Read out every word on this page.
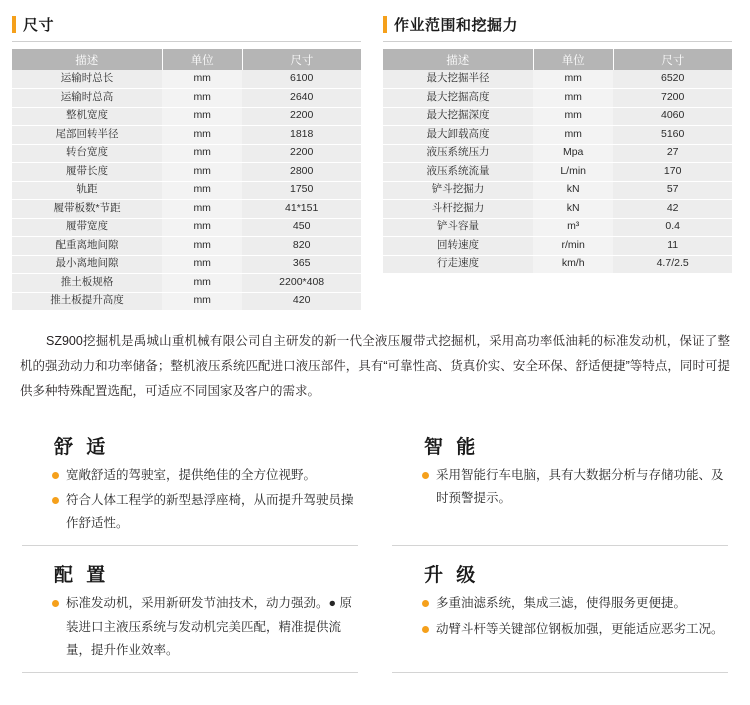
尺寸
描述	单位	尺寸
运输时总长	mm	6100
运输时总高	mm	2640
整机宽度	mm	2200
尾部回转半径	mm	1818
转台宽度	mm	2200
履带长度	mm	2800
轨距	mm	1750
履带板数*节距	mm	41*151
履带宽度	mm	450
配重离地间隙	mm	820
最小离地间隙	mm	365
推土板规格	mm	2200*408
推土板提升高度	mm	420
作业范围和挖掘力
描述	单位	尺寸
最大挖掘半径	mm	6520
最大挖掘高度	mm	7200
最大挖掘深度	mm	4060
最大卸载高度	mm	5160
液压系统压力	Mpa	27
液压系统流量	L/min	170
铲斗挖掘力	kN	57
斗杆挖掘力	kN	42
铲斗容量	m³	0.4
回转速度	r/min	11
行走速度	km/h	4.7/2.5

SZ900挖掘机是禹城山重机械有限公司自主研发的新一代全液压履带式挖掘机，采用高功率低油耗的标准发动机，保证了整机的强劲动力和功率储备；整机液压系统匹配进口液压部件，具有“可靠性高、货真价实、安全环保、舒适便捷”等特点，同时可提供多种特殊配置选配，可适应不同国家及客户的需求。

舒 适
宽敞舒适的驾驶室，提供绝佳的全方位视野。
符合人体工程学的新型悬浮座椅，从而提升驾驶员操作舒适性。
智 能
采用智能行车电脑，具有大数据分析与存储功能、及时预警提示。
配 置
标准发动机，采用新研发节油技术，动力强劲。● 原装进口主液压系统与发动机完美匹配，精准提供流量，提升作业效率。
升 级
多重油滤系统，集成三滤，使得服务更便捷。
动臂斗杆等关键部位钢板加强，更能适应恶劣工况。
